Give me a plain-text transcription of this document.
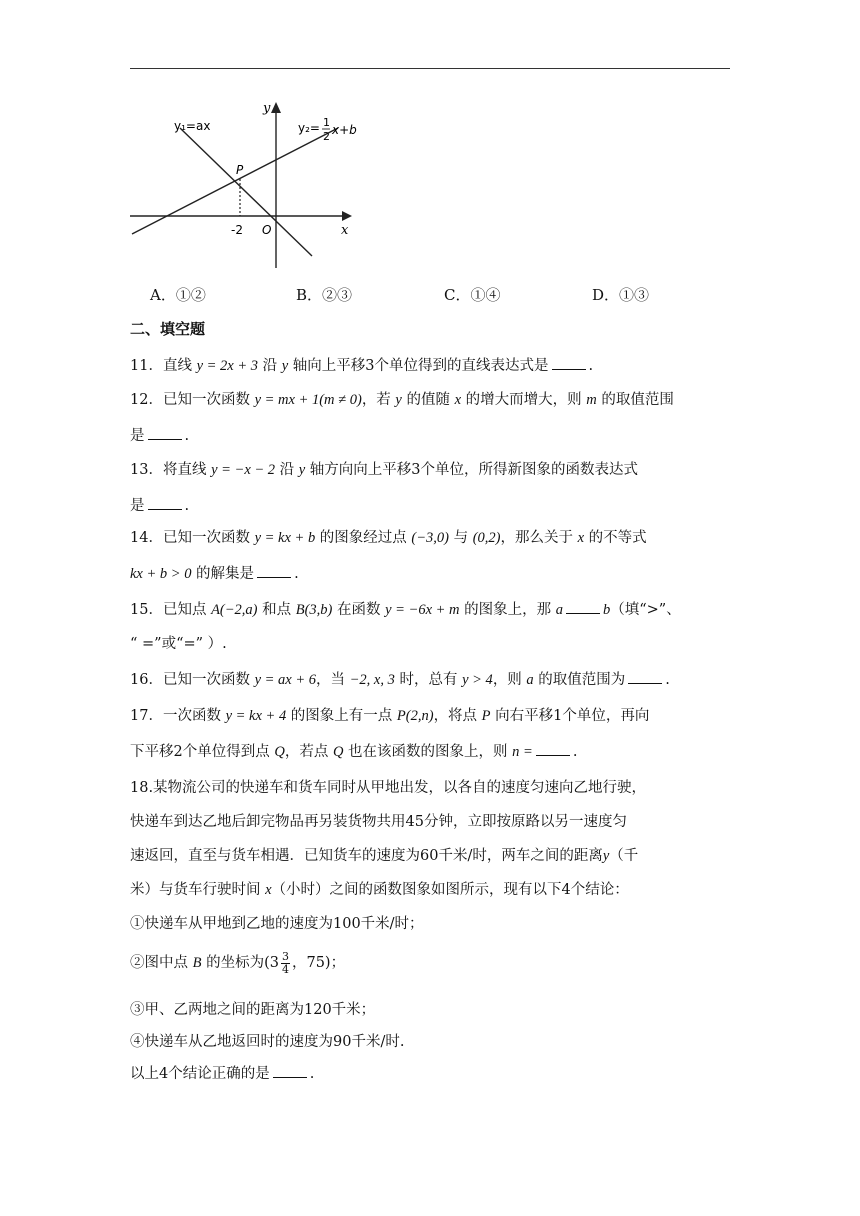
y₁=ax	y₂= 1
2 x+b
P
-2 O	x
y
A．①②	B．②③	C．①④	D．①③
二、填空题
11．直线 y = 2x + 3 沿 y 轴向上平移3个单位得到的直线表达式是	.
12．已知一次函数 y = mx + 1(m ≠ 0)，若 y 的值随 x 的增大而增大，则 m 的取值范围
是	.
13．将直线 y = −x − 2 沿 y 轴方向向上平移3个单位，所得新图象的函数表达式
是	.
14．已知一次函数 y = kx + b 的图象经过点 (−3,0) 与 (0,2)，那么关于 x 的不等式
kx + b > 0 的解集是	.
15．已知点 A(−2,a) 和点 B(3,b) 在函数 y = −6x + m 的图象上，那 a	b（填“>”、
“ =”或“=” ）.
16．已知一次函数 y = ax + 6，当 −2, x, 3 时，总有 y > 4，则 a 的取值范围为	.
17．一次函数 y = kx + 4 的图象上有一点 P(2,n)，将点 P 向右平移1个单位，再向
下平移2个单位得到点 Q，若点 Q 也在该函数的图象上，则 n =	.
18.某物流公司的快递车和货车同时从甲地出发，以各自的速度匀速向乙地行驶，
快递车到达乙地后卸完物品再另装货物共用45分钟，立即按原路以另一速度匀
速返回，直至与货车相遇．已知货车的速度为60千米/时，两车之间的距离y（千
米）与货车行驶时间 x（小时）之间的函数图象如图所示，现有以下4个结论：
①快递车从甲地到乙地的速度为100千米/时；
②图中点 B 的坐标为($3 \frac{3}{4}$ ，75)；
③甲、乙两地之间的距离为120千米；
④快递车从乙地返回时的速度为90千米/时.
以上4个结论正确的是	.
